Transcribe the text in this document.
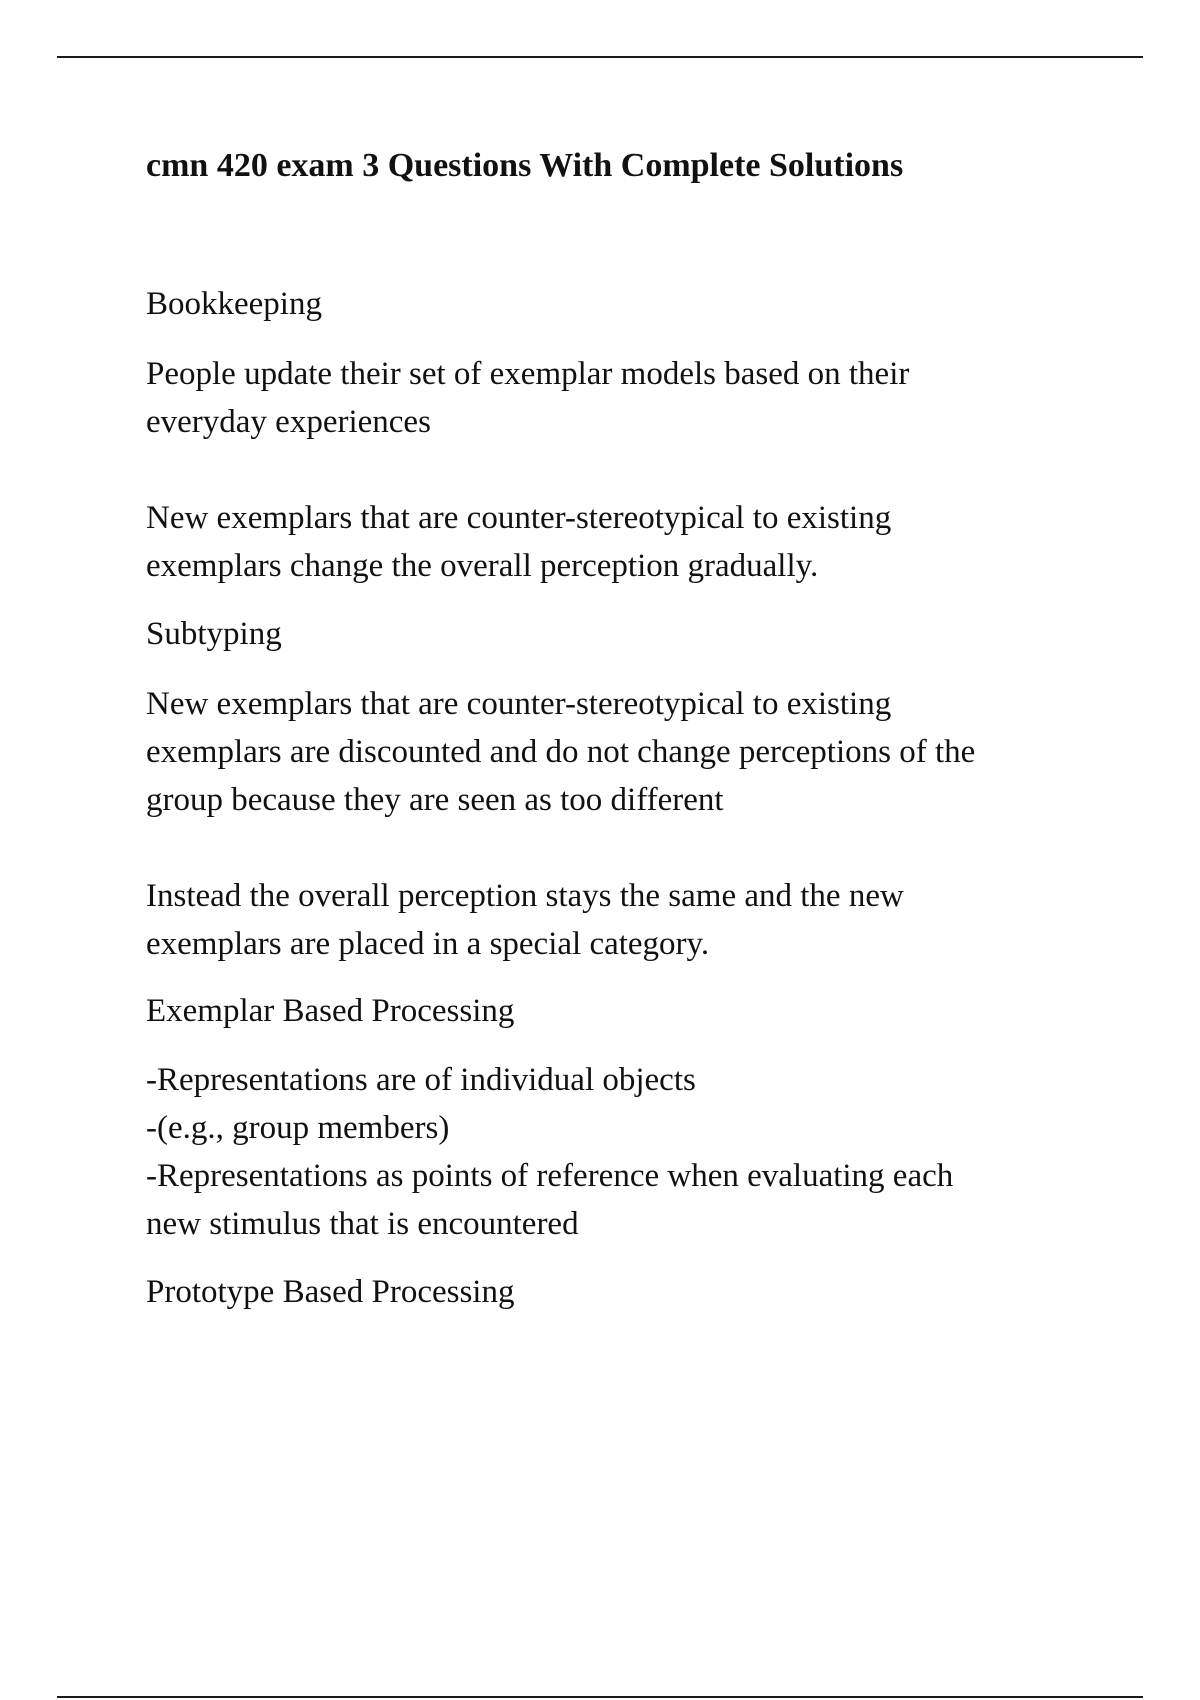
cmn 420 exam 3 Questions With Complete Solutions

Bookkeeping

People update their set of exemplar models based on their
everyday experiences

New exemplars that are counter-stereotypical to existing
exemplars change the overall perception gradually.

Subtyping

New exemplars that are counter-stereotypical to existing
exemplars are discounted and do not change perceptions of the
group because they are seen as too different

Instead the overall perception stays the same and the new
exemplars are placed in a special category.

Exemplar Based Processing

-Representations are of individual objects
-(e.g., group members)
-Representations as points of reference when evaluating each
new stimulus that is encountered

Prototype Based Processing
